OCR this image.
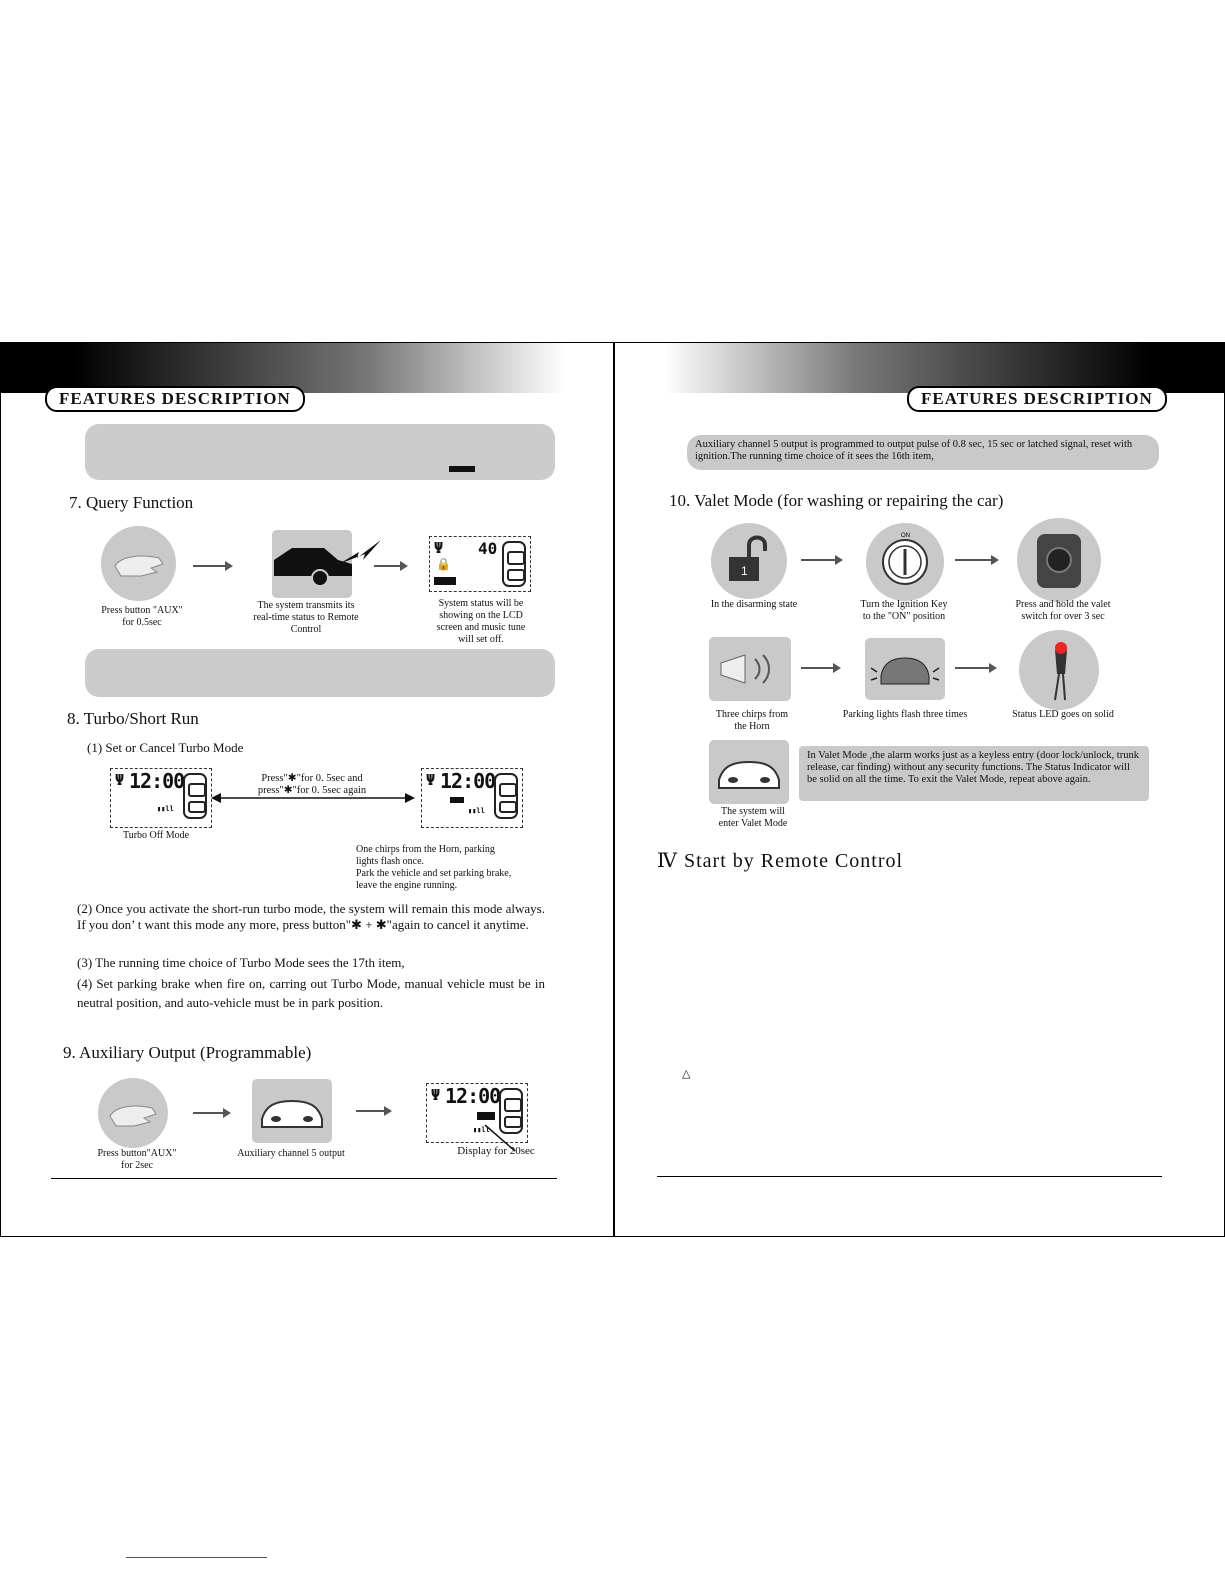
FEATURES DESCRIPTION
7. Query Function
Ψ
🔒
40
Press button "AUX"
for 0.5sec
The system transmits its
real-time status to Remote
Control
System status will be
showing on the LCD
screen and music tune
will set off.
8. Turbo/Short Run
(1) Set or Cancel Turbo Mode
Ψ 12:00
▮▮ll
Press"✱"for 0. 5sec and
press"✱"for 0. 5sec again
Ψ 12:00
▮▮ll
Turbo Off Mode
One chirps from the Horn, parking
lights flash once.
Park the vehicle and set parking brake,
leave the engine running.
(2) Once you activate the short-run turbo mode, the system will remain this mode always. If you don’ t want this mode any more, press button"✱ + ✱"again to cancel it anytime.
(3) The running time choice of Turbo Mode sees the 17th item,
(4) Set parking brake when fire on, carring out Turbo Mode, manual vehicle must be in neutral position, and auto-vehicle must be in park position.
9. Auxiliary Output (Programmable)
Ψ 12:00
▮▮ll
Press button"AUX"
for 2sec
Auxiliary channel 5 output	Display for 20sec
FEATURES DESCRIPTION
Auxiliary channel 5 output is programmed to output pulse of 0.8 sec, 15 sec or latched signal, reset with ignition.The running time choice of it sees the 16th item,
10. Valet Mode (for washing or repairing the car)
1
ON
In the disarming state	Turn the Ignition Key
to the "ON" position
Press and hold the valet
switch for over 3 sec
Three chirps from
the Horn
Parking lights flash three times	Status LED goes on solid
In Valet Mode ,the alarm works just as a keyless entry (door lock/unlock, trunk release, car finding) without any security functions. The Status Indicator will be solid on all the time. To exit the Valet Mode, repeat above again.
The system will
enter Valet Mode
Ⅳ Start by Remote Control
△
